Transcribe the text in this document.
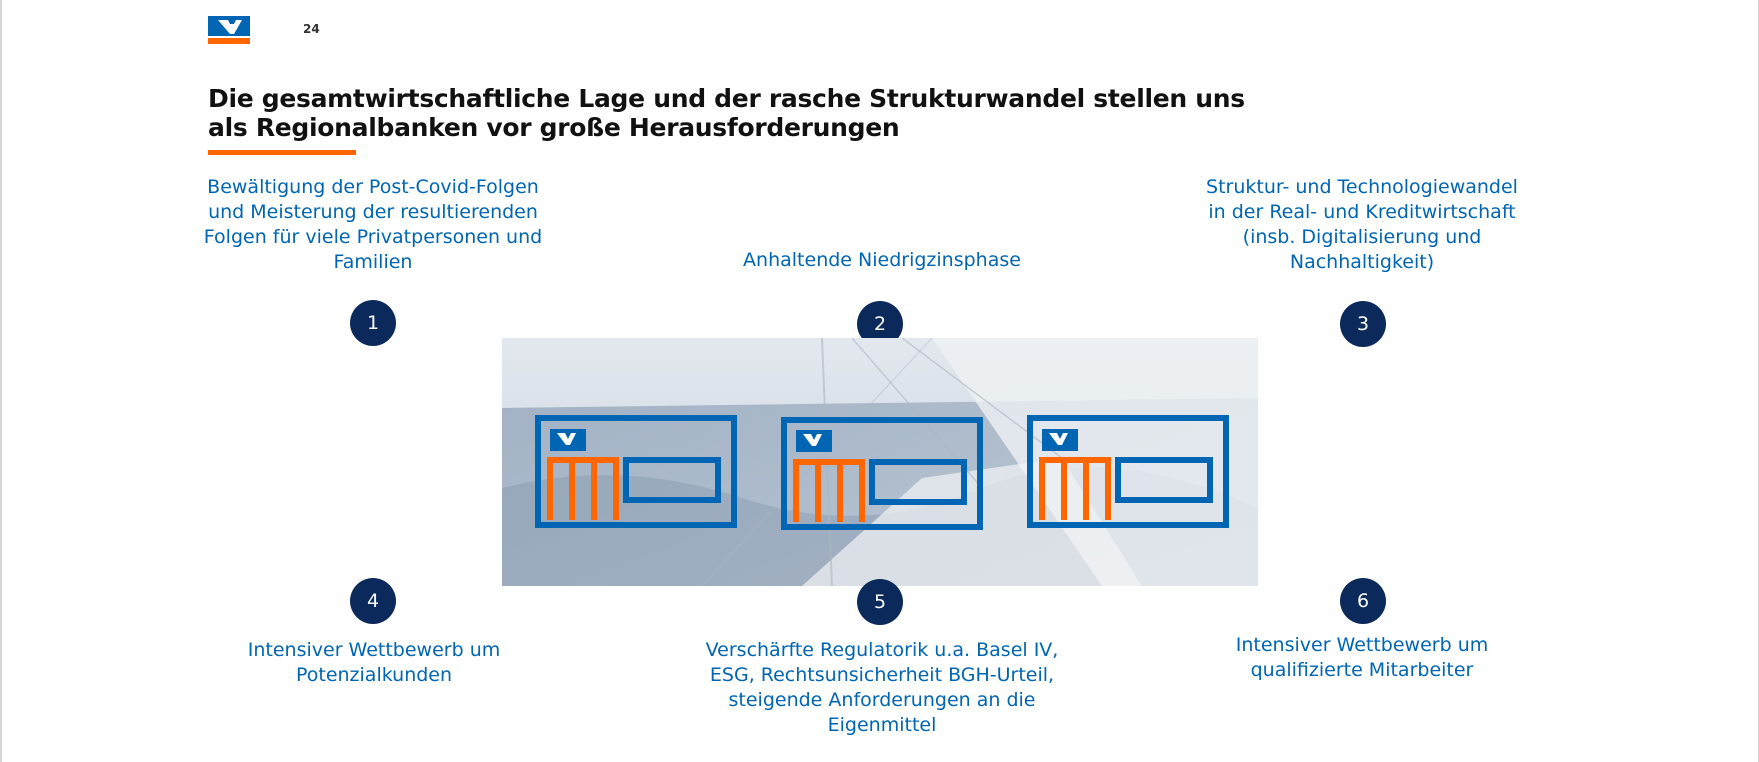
24
Die gesamtwirtschaftliche Lage und der rasche Strukturwandel stellen uns
als Regionalbanken vor große Herausforderungen
Bewältigung der Post-Covid-Folgen
und Meisterung der resultierenden
Folgen für viele Privatpersonen und
Familien	Anhaltende Niedrigzinsphase
Struktur- und Technologiewandel
in der Real- und Kreditwirtschaft
(insb. Digitalisierung und
Nachhaltigkeit)
1	2	3
4	5	6
Intensiver Wettbewerb um
Potenzialkunden
Verschärfte Regulatorik u.a. Basel IV,
ESG, Rechtsunsicherheit BGH-Urteil,
steigende Anforderungen an die
Eigenmittel
Intensiver Wettbewerb um
qualifizierte Mitarbeiter
